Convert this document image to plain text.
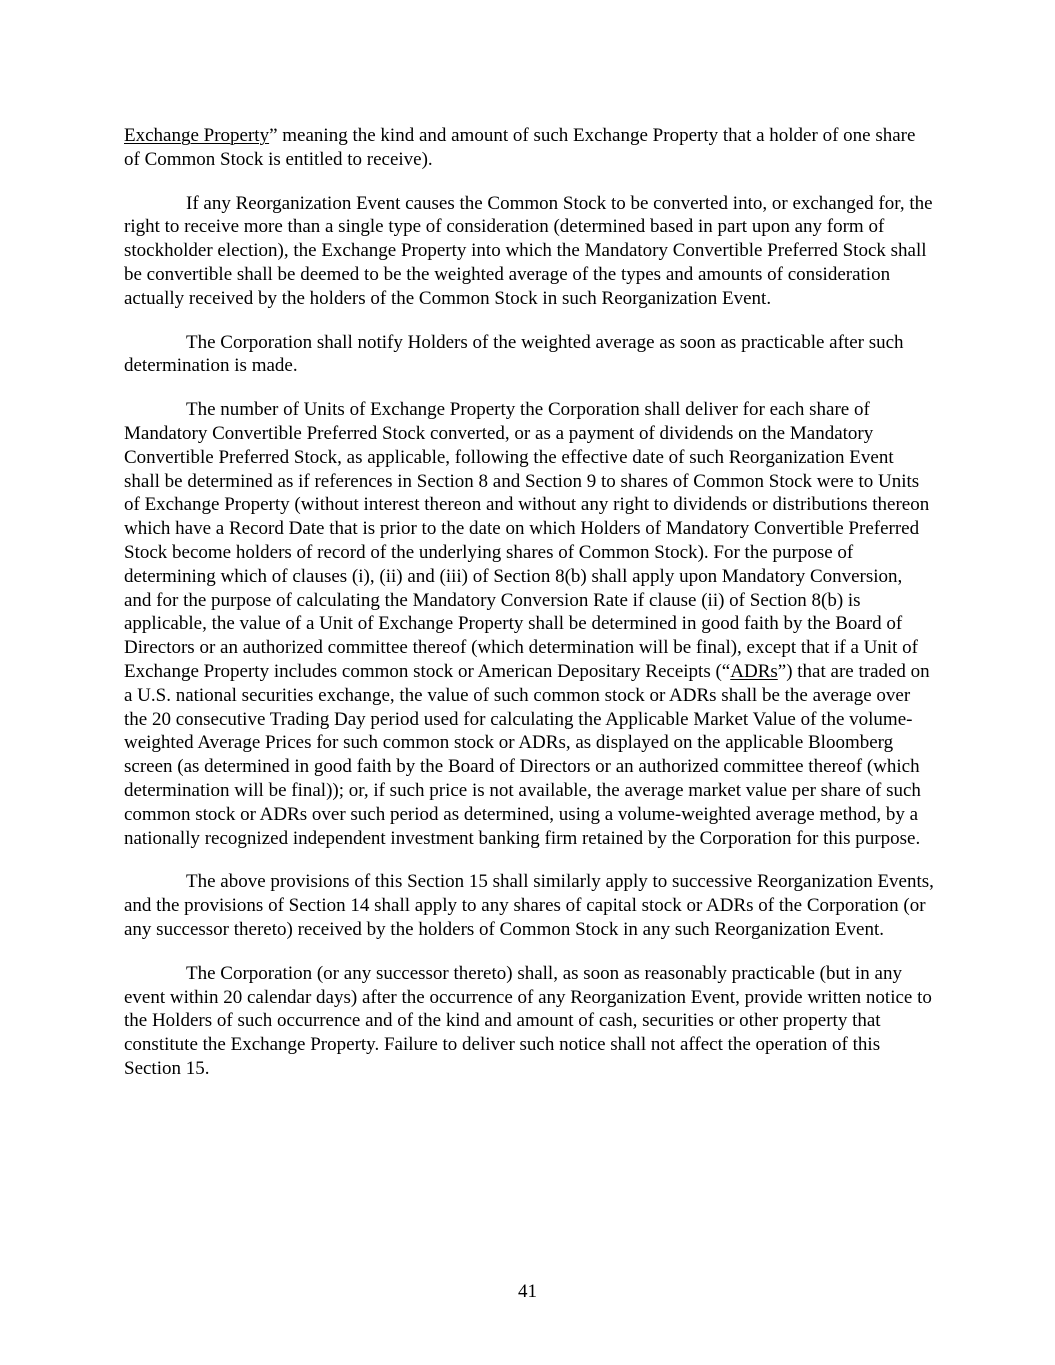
Exchange Property” meaning the kind and amount of such Exchange Property that a holder of one share of Common Stock is entitled to receive).

If any Reorganization Event causes the Common Stock to be converted into, or exchanged for, the right to receive more than a single type of consideration (determined based in part upon any form of stockholder election), the Exchange Property into which the Mandatory Convertible Preferred Stock shall be convertible shall be deemed to be the weighted average of the types and amounts of consideration actually received by the holders of the Common Stock in such Reorganization Event.

The Corporation shall notify Holders of the weighted average as soon as practicable after such determination is made.

The number of Units of Exchange Property the Corporation shall deliver for each share of Mandatory Convertible Preferred Stock converted, or as a payment of dividends on the Mandatory Convertible Preferred Stock, as applicable, following the effective date of such Reorganization Event shall be determined as if references in Section 8 and Section 9 to shares of Common Stock were to Units of Exchange Property (without interest thereon and without any right to dividends or distributions thereon which have a Record Date that is prior to the date on which Holders of Mandatory Convertible Preferred Stock become holders of record of the underlying shares of Common Stock). For the purpose of determining which of clauses (i), (ii) and (iii) of Section 8(b) shall apply upon Mandatory Conversion, and for the purpose of calculating the Mandatory Conversion Rate if clause (ii) of Section 8(b) is applicable, the value of a Unit of Exchange Property shall be determined in good faith by the Board of Directors or an authorized committee thereof (which determination will be final), except that if a Unit of Exchange Property includes common stock or American Depositary Receipts (“ADRs”) that are traded on a U.S. national securities exchange, the value of such common stock or ADRs shall be the average over the 20 consecutive Trading Day period used for calculating the Applicable Market Value of the volume-weighted Average Prices for such common stock or ADRs, as displayed on the applicable Bloomberg screen (as determined in good faith by the Board of Directors or an authorized committee thereof (which determination will be final)); or, if such price is not available, the average market value per share of such common stock or ADRs over such period as determined, using a volume-weighted average method, by a nationally recognized independent investment banking firm retained by the Corporation for this purpose.

The above provisions of this Section 15 shall similarly apply to successive Reorganization Events, and the provisions of Section 14 shall apply to any shares of capital stock or ADRs of the Corporation (or any successor thereto) received by the holders of Common Stock in any such Reorganization Event.

The Corporation (or any successor thereto) shall, as soon as reasonably practicable (but in any event within 20 calendar days) after the occurrence of any Reorganization Event, provide written notice to the Holders of such occurrence and of the kind and amount of cash, securities or other property that constitute the Exchange Property. Failure to deliver such notice shall not affect the operation of this Section 15.

41
